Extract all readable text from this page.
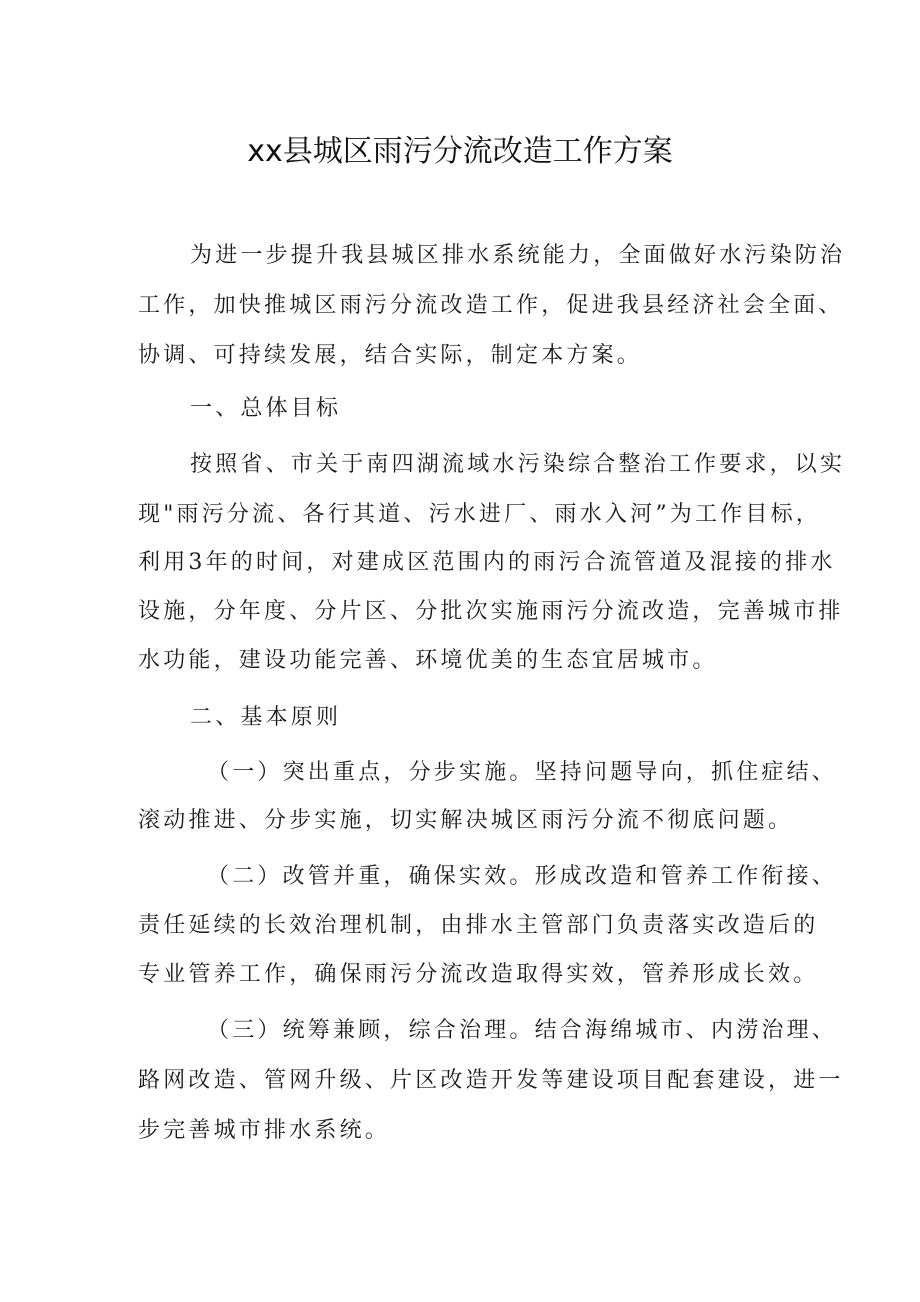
xx县城区雨污分流改造工作方案
为进一步提升我县城区排水系统能力，全面做好水污染防治
工作，加快推城区雨污分流改造工作，促进我县经济社会全面、
协调、可持续发展，结合实际，制定本方案。
一、总体目标
按照省、市关于南四湖流域水污染综合整治工作要求，以实
现"雨污分流、各行其道、污水进厂、雨水入河”为工作目标，
利用3年的时间，对建成区范围内的雨污合流管道及混接的排水
设施，分年度、分片区、分批次实施雨污分流改造，完善城市排
水功能，建设功能完善、环境优美的生态宜居城市。
二、基本原则
（一）突出重点，分步实施。坚持问题导向，抓住症结、
滚动推进、分步实施，切实解决城区雨污分流不彻底问题。
（二）改管并重，确保实效。形成改造和管养工作衔接、
责任延续的长效治理机制，由排水主管部门负责落实改造后的
专业管养工作，确保雨污分流改造取得实效，管养形成长效。
（三）统筹兼顾，综合治理。结合海绵城市、内涝治理、
路网改造、管网升级、片区改造开发等建设项目配套建设，进一
步完善城市排水系统。
